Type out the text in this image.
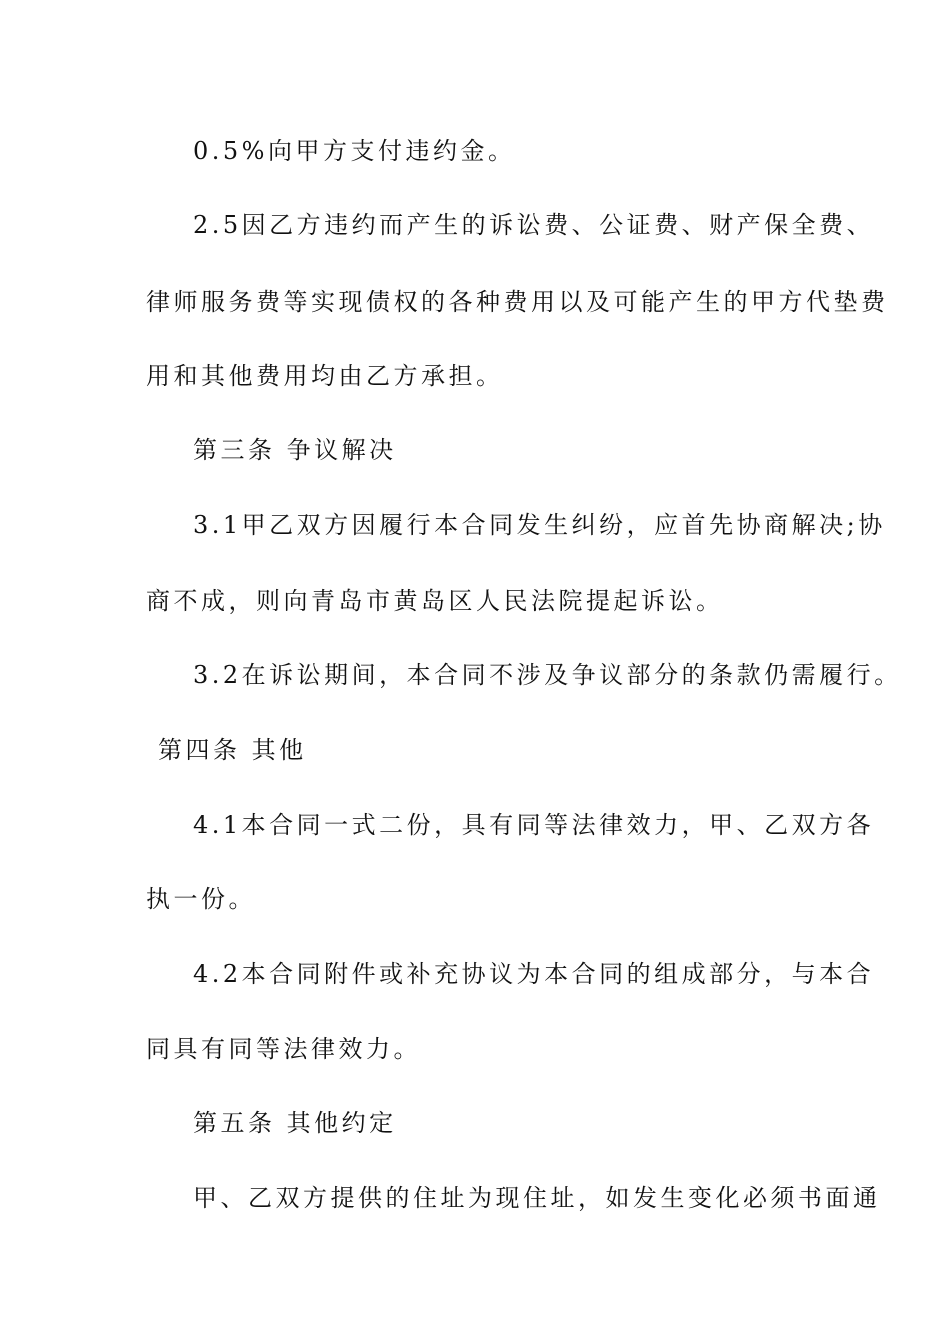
0.5%向甲方支付违约金。
2.5因乙方违约而产生的诉讼费、公证费、财产保全费、
律师服务费等实现债权的各种费用以及可能产生的甲方代垫费
用和其他费用均由乙方承担。
第三条 争议解决
3.1甲乙双方因履行本合同发生纠纷，应首先协商解决;协
商不成，则向青岛市黄岛区人民法院提起诉讼。
3.2在诉讼期间，本合同不涉及争议部分的条款仍需履行。
第四条 其他
4.1本合同一式二份，具有同等法律效力，甲、乙双方各
执一份。
4.2本合同附件或补充协议为本合同的组成部分，与本合
同具有同等法律效力。
第五条 其他约定
甲、乙双方提供的住址为现住址，如发生变化必须书面通
